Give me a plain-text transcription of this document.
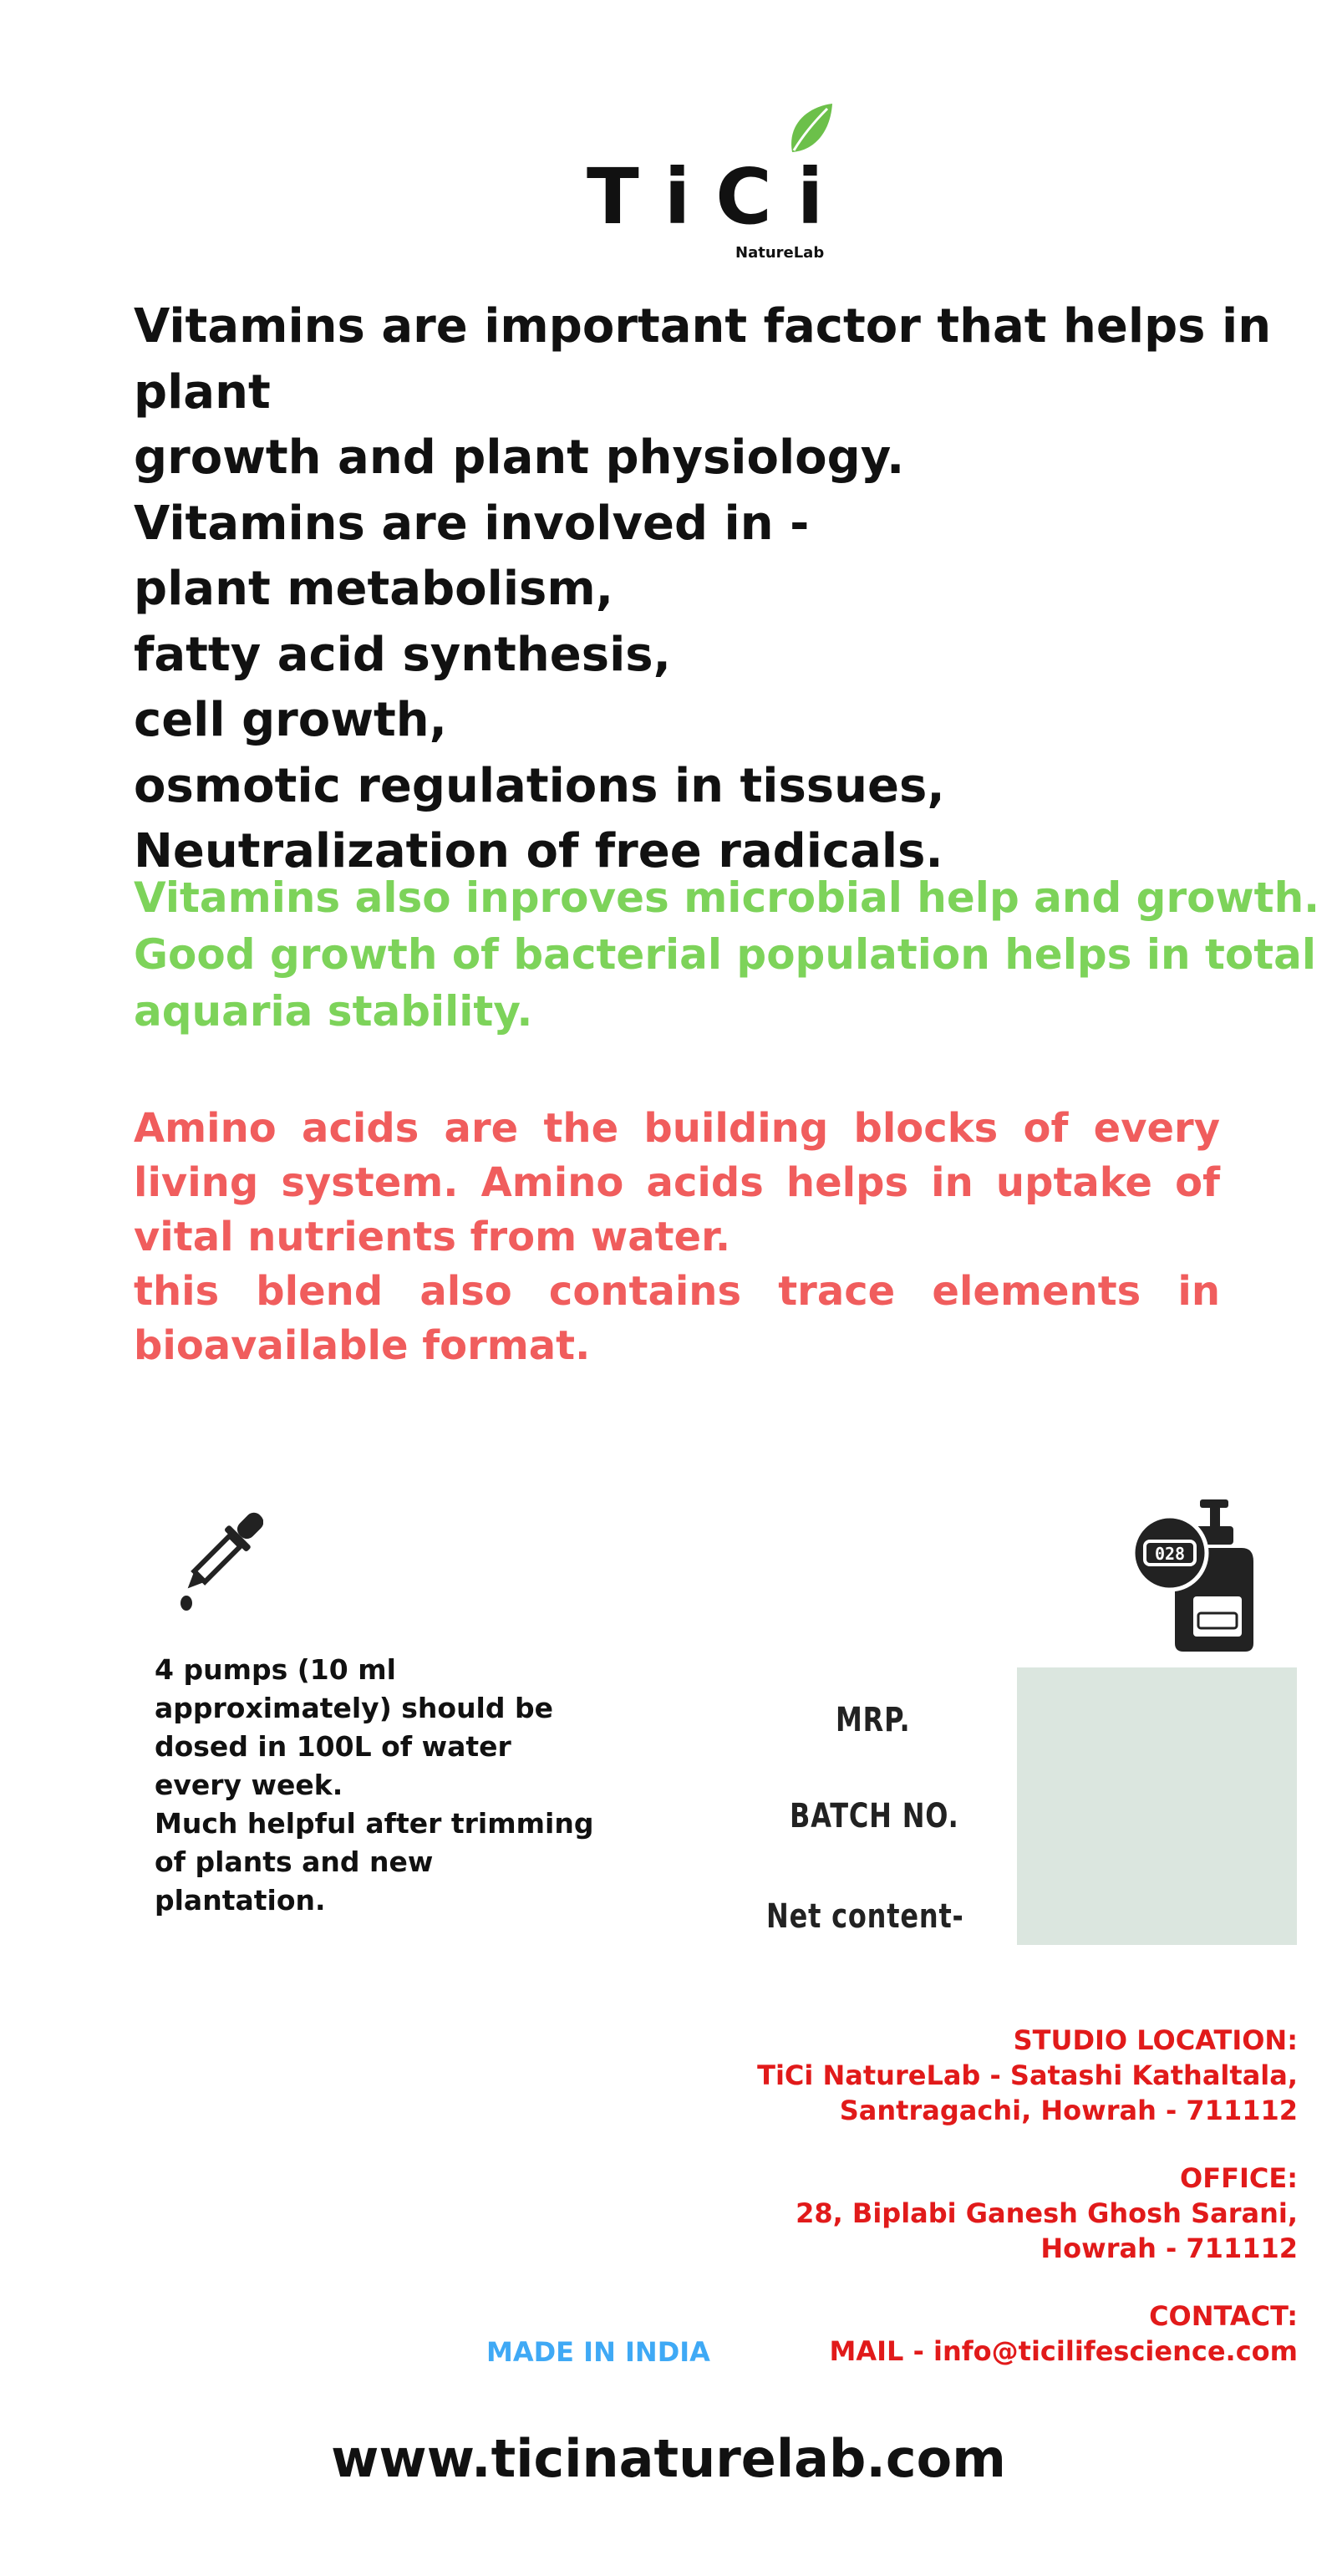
TiCi
NatureLab
Vitamins are important factor that helps in plant
growth and plant physiology.
Vitamins are involved in -
plant metabolism,
fatty acid synthesis,
cell growth,
osmotic regulations in tissues,
Neutralization of free radicals.
Vitamins also inproves microbial help and growth.
Good growth of bacterial population helps in total
aquaria stability.
Amino acids are the building blocks of every living system. Amino acids helps in uptake of vital nutrients from water.
this blend also contains trace elements in bioavailable format.
4 pumps (10 ml
approximately) should be
dosed in 100L of water
every week.
Much helpful after trimming
of plants and new
plantation.
028
MRP.
BATCH NO.
Net content-
STUDIO LOCATION:
TiCi NatureLab - Satashi Kathaltala,
Santragachi, Howrah - 711112
OFFICE:
28, Biplabi Ganesh Ghosh Sarani,
Howrah - 711112
CONTACT:
MAIL - info@ticilifescience.com
MADE IN INDIA
www.ticinaturelab.com
